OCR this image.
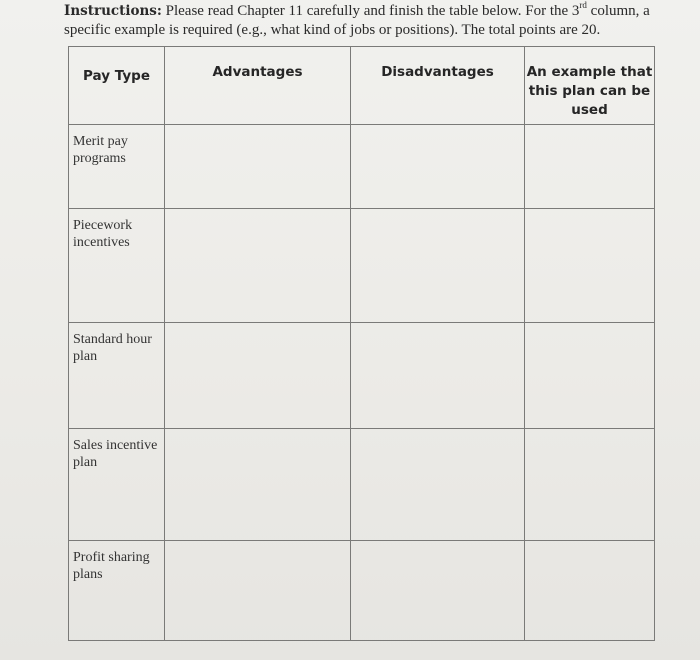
Instructions: Please read Chapter 11 carefully and finish the table below. For the 3rd column, a specific example is required (e.g., what kind of jobs or positions). The total points are 20.
Pay Type	Advantages	Disadvantages	An example that this plan can be used
Merit pay programs			
Piecework incentives			
Standard hour plan			
Sales incentive plan			
Profit sharing plans			
